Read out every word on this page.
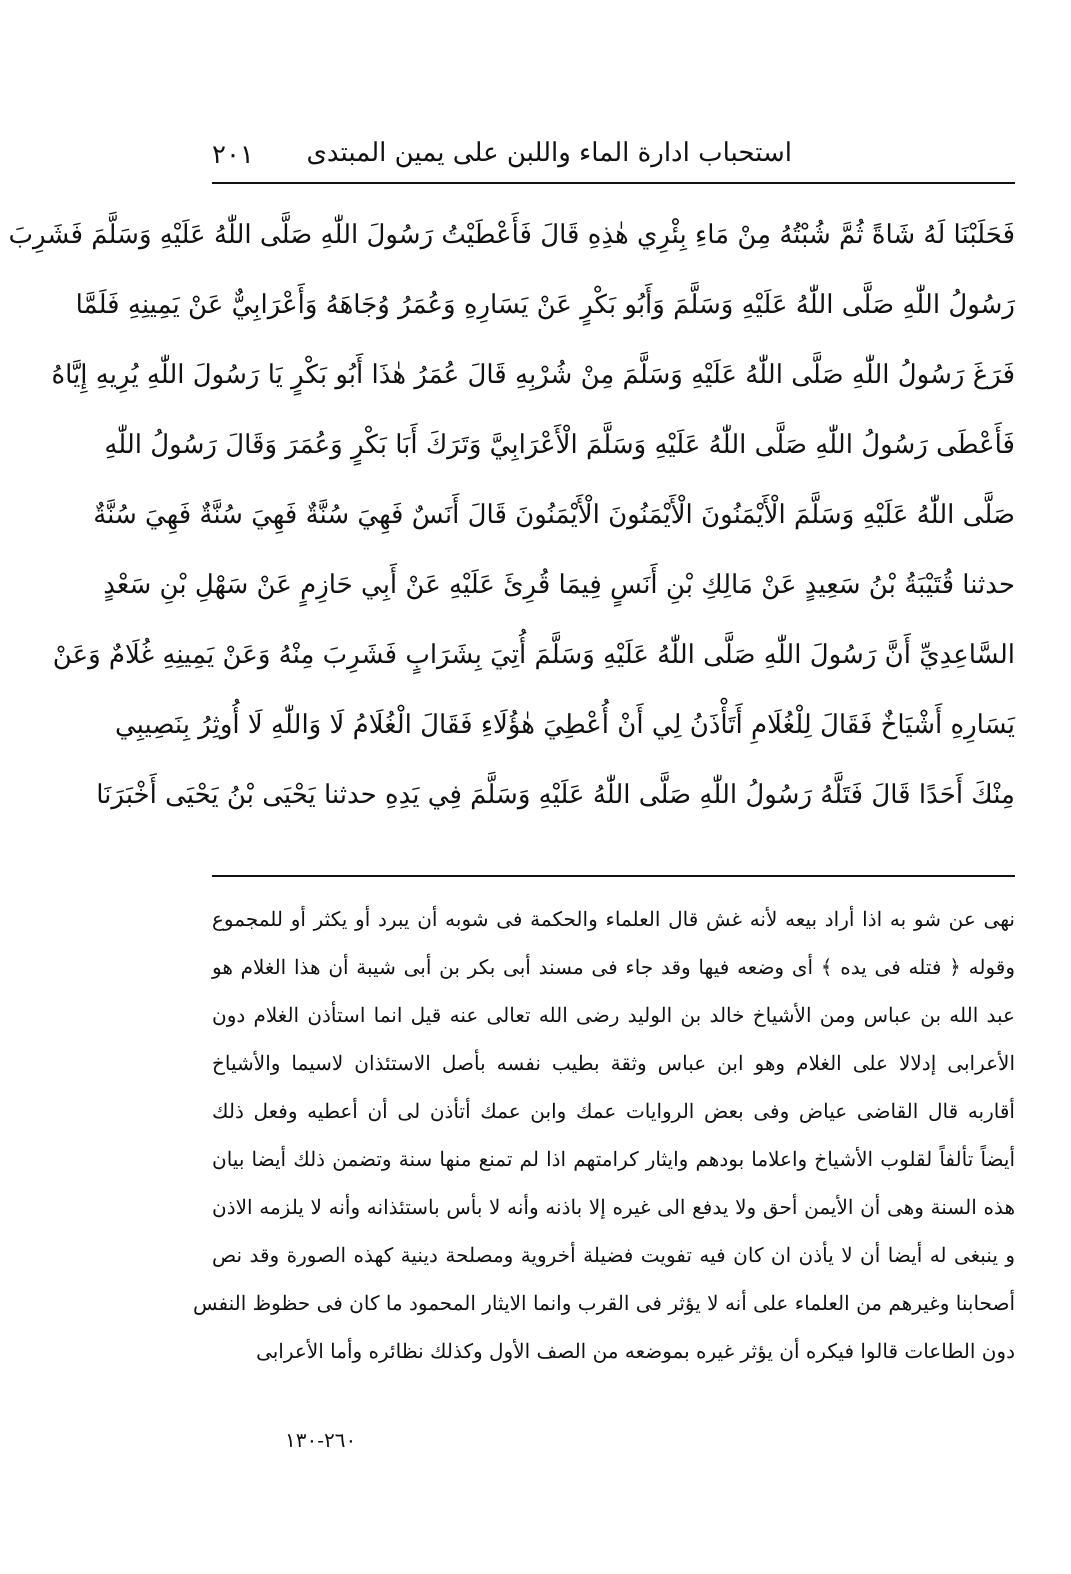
استحباب ادارة الماء واللبن على يمين المبتدى
٢٠١
فَحَلَبْنَا لَهُ شَاةً ثُمَّ شُبْتُهُ مِنْ مَاءِ بِئْرِي هٰذِهِ قَالَ فَأَعْطَيْتُ رَسُولَ اللّٰهِ صَلَّى اللّٰهُ عَلَيْهِ وَسَلَّمَ فَشَرِبَ
رَسُولُ اللّٰهِ صَلَّى اللّٰهُ عَلَيْهِ وَسَلَّمَ وَأَبُو بَكْرٍ عَنْ يَسَارِهِ وَعُمَرُ وُجَاهَهُ وَأَعْرَابِيٌّ عَنْ يَمِينِهِ فَلَمَّا
فَرَغَ رَسُولُ اللّٰهِ صَلَّى اللّٰهُ عَلَيْهِ وَسَلَّمَ مِنْ شُرْبِهِ قَالَ عُمَرُ هٰذَا أَبُو بَكْرٍ يَا رَسُولَ اللّٰهِ يُرِيهِ إِيَّاهُ
فَأَعْطَى رَسُولُ اللّٰهِ صَلَّى اللّٰهُ عَلَيْهِ وَسَلَّمَ الْأَعْرَابِيَّ وَتَرَكَ أَبَا بَكْرٍ وَعُمَرَ وَقَالَ رَسُولُ اللّٰهِ
صَلَّى اللّٰهُ عَلَيْهِ وَسَلَّمَ الْأَيْمَنُونَ الْأَيْمَنُونَ الْأَيْمَنُونَ قَالَ أَنَسٌ فَهِيَ سُنَّةٌ فَهِيَ سُنَّةٌ فَهِيَ سُنَّةٌ
حدثنا قُتَيْبَةُ بْنُ سَعِيدٍ عَنْ مَالِكِ بْنِ أَنَسٍ فِيمَا قُرِئَ عَلَيْهِ عَنْ أَبِي حَازِمٍ عَنْ سَهْلِ بْنِ سَعْدٍ
السَّاعِدِيِّ أَنَّ رَسُولَ اللّٰهِ صَلَّى اللّٰهُ عَلَيْهِ وَسَلَّمَ أُتِيَ بِشَرَابٍ فَشَرِبَ مِنْهُ وَعَنْ يَمِينِهِ غُلَامٌ وَعَنْ
يَسَارِهِ أَشْيَاخٌ فَقَالَ لِلْغُلَامِ أَتَأْذَنُ لِي أَنْ أُعْطِيَ هٰؤُلَاءِ فَقَالَ الْغُلَامُ لَا وَاللّٰهِ لَا أُوثِرُ بِنَصِيبِي
مِنْكَ أَحَدًا قَالَ فَتَلَّهُ رَسُولُ اللّٰهِ صَلَّى اللّٰهُ عَلَيْهِ وَسَلَّمَ فِي يَدِهِ حدثنا يَحْيَى بْنُ يَحْيَى أَخْبَرَنَا
نهى عن شو به اذا أراد بيعه لأنه غش قال العلماء والحكمة فى شوبه أن يبرد أو يكثر أو للمجموع
وقوله ﴿ فتله فى يده ﴾ أى وضعه فيها وقد جاء فى مسند أبى بكر بن أبى شيبة أن هذا الغلام هو
عبد الله بن عباس ومن الأشياخ خالد بن الوليد رضى الله تعالى عنه قيل انما استأذن الغلام دون
الأعرابى إدلالا على الغلام وهو ابن عباس وثقة بطيب نفسه بأصل الاستئذان لاسيما والأشياخ
أقاربه قال القاضى عياض وفى بعض الروايات عمك وابن عمك أتأذن لى أن أعطيه وفعل ذلك
أيضاً تألفاً لقلوب الأشياخ واعلاما بودهم وايثار كرامتهم اذا لم تمنع منها سنة وتضمن ذلك أيضا بيان
هذه السنة وهى أن الأيمن أحق ولا يدفع الى غيره إلا باذنه وأنه لا بأس باستئذانه وأنه لا يلزمه الاذن
و ينبغى له أيضا أن لا يأذن ان كان فيه تفويت فضيلة أخروية ومصلحة دينية كهذه الصورة وقد نص
أصحابنا وغيرهم من العلماء على أنه لا يؤثر فى القرب وانما الايثار المحمود ما كان فى حظوظ النفس
دون الطاعات قالوا فيكره أن يؤثر غيره بموضعه من الصف الأول وكذلك نظائره وأما الأعرابى
٢٦٠-١٣٠
